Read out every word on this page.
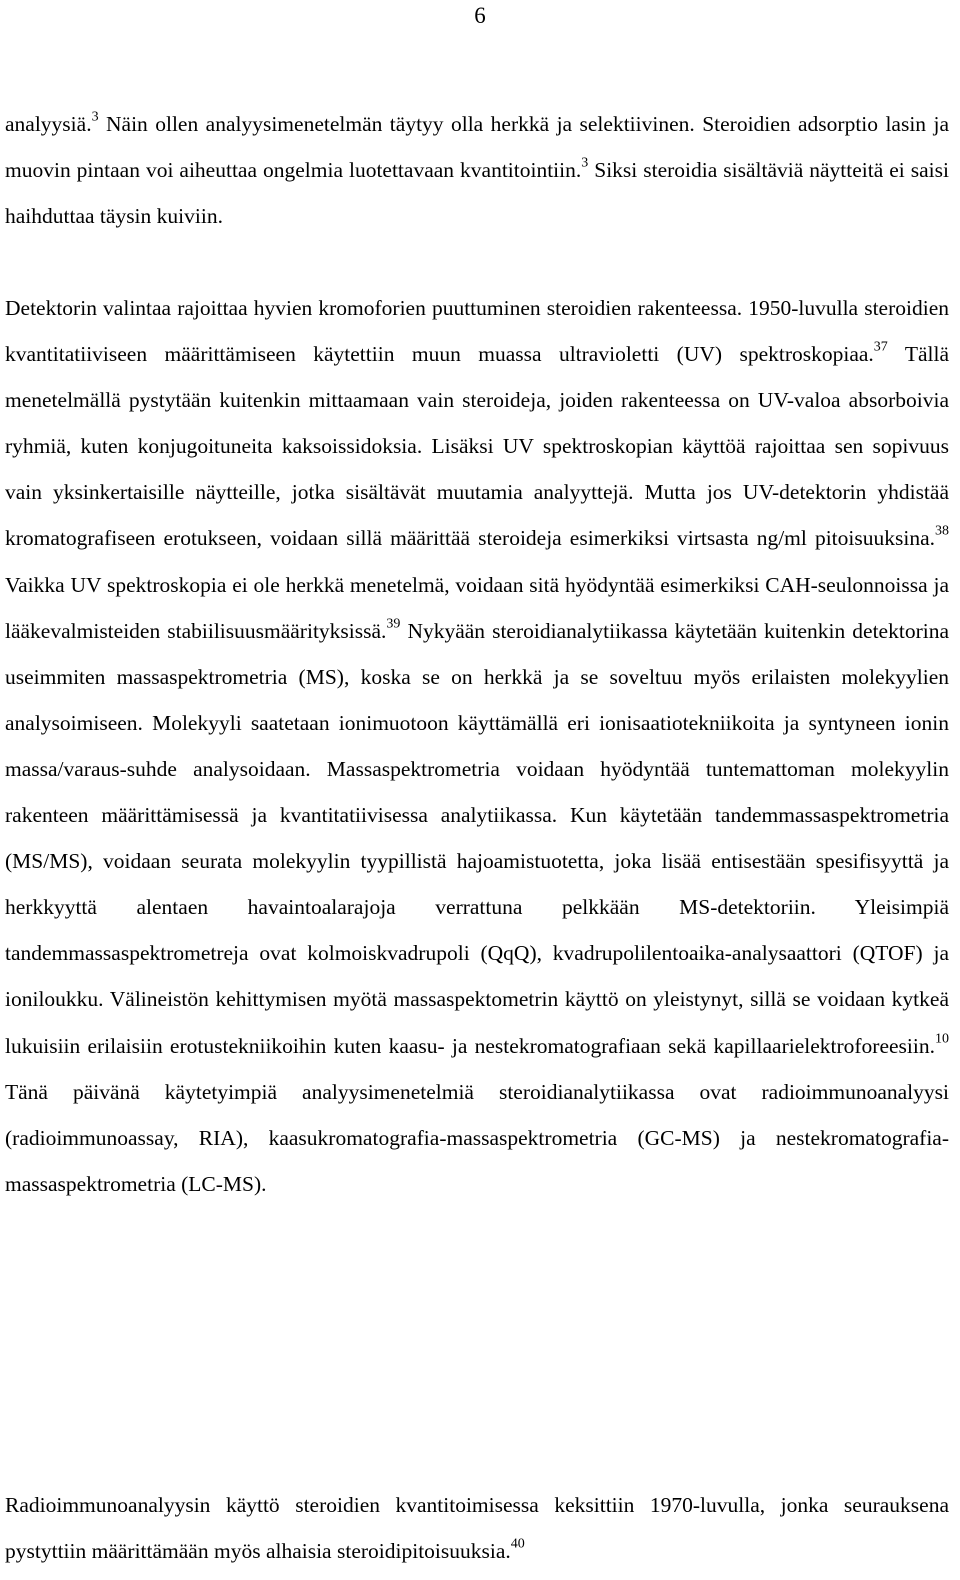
6

analyysiä.$^3$ Näin ollen analyysimenetelmän täytyy olla herkkä ja selektiivinen. Steroidien adsorptio lasin ja muovin pintaan voi aiheuttaa ongelmia luotettavaan kvantitointiin.$^3$ Siksi steroidia sisältäviä näytteitä ei saisi haihduttaa täysin kuiviin.

Detektorin valintaa rajoittaa hyvien kromoforien puuttuminen steroidien rakenteessa. 1950-luvulla steroidien kvantitatiiviseen määrittämiseen käytettiin muun muassa ultravioletti (UV) spektroskopiaa.$^{37}$ Tällä menetelmällä pystytään kuitenkin mittaamaan vain steroideja, joiden rakenteessa on UV-valoa absorboivia ryhmiä, kuten konjugoituneita kaksoissidoksia. Lisäksi UV spektroskopian käyttöä rajoittaa sen sopivuus vain yksinkertaisille näytteille, jotka sisältävät muutamia analyyttejä. Mutta jos UV-detektorin yhdistää kromatografiseen erotukseen, voidaan sillä määrittää steroideja esimerkiksi virtsasta ng/ml pitoisuuksina.$^{38}$ Vaikka UV spektroskopia ei ole herkkä menetelmä, voidaan sitä hyödyntää esimerkiksi CAH-seulonnoissa ja lääkevalmisteiden stabiilisuusmäärityksissä.$^{39}$ Nykyään steroidianalytiikassa käytetään kuitenkin detektorina useimmiten massaspektrometria (MS), koska se on herkkä ja se soveltuu myös erilaisten molekyylien analysoimiseen. Molekyyli saatetaan ionimuotoon käyttämällä eri ionisaatiotekniikoita ja syntyneen ionin massa/varaus-suhde analysoidaan. Massaspektrometria voidaan hyödyntää tuntemattoman molekyylin rakenteen määrittämisessä ja kvantitatiivisessa analytiikassa. Kun käytetään tandemmassaspektrometria (MS/MS), voidaan seurata molekyylin tyypillistä hajoamistuotetta, joka lisää entisestään spesifisyyttä ja herkkyyttä alentaen havaintoalarajoja verrattuna pelkkään MS-detektoriin. Yleisimpiä tandemmassaspektrometreja ovat kolmoiskvadrupoli (QqQ), kvadrupolilentoaika-analysaattori (QTOF) ja ioniloukku. Välineistön kehittymisen myötä massaspektometrin käyttö on yleistynyt, sillä se voidaan kytkeä lukuisiin erilaisiin erotustekniikoihin kuten kaasu- ja nestekromatografiaan sekä kapillaarielektroforeesiin.$^{10}$ Tänä päivänä käytetyimpiä analyysimenetelmiä steroidianalytiikassa ovat radioimmunoanalyysi (radioimmunoassay, RIA), kaasukromatografia-massaspektrometria (GC-MS) ja nestekromatografia-massaspektrometria (LC-MS).

Radioimmunoanalyysin käyttö steroidien kvantitoimisessa keksittiin 1970-luvulla, jonka seurauksena pystyttiin määrittämään myös alhaisia steroidipitoisuuksia.$^{40}$
